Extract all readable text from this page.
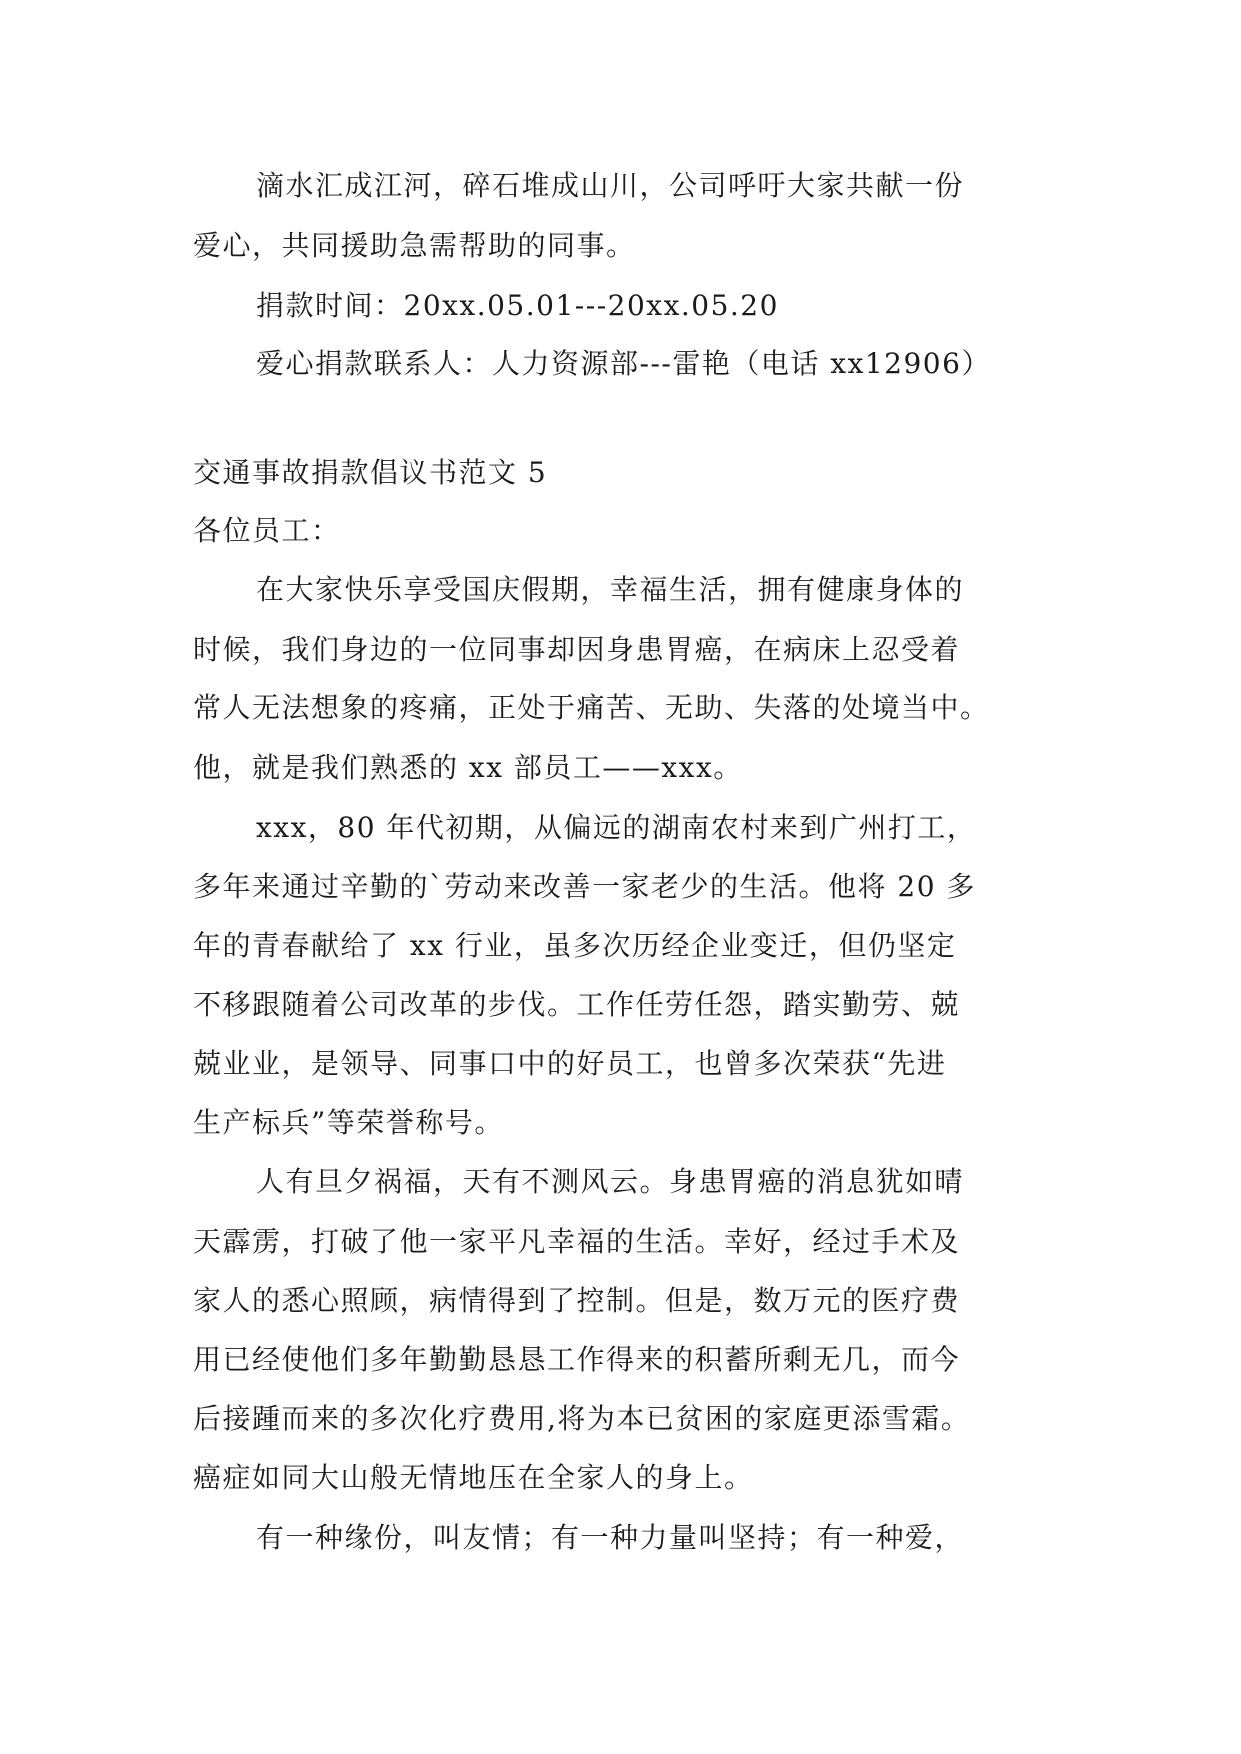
滴水汇成江河，碎石堆成山川，公司呼吁大家共献一份
爱心，共同援助急需帮助的同事。
捐款时间：20xx.05.01---20xx.05.20
爱心捐款联系人：人力资源部---雷艳（电话 xx12906）
交通事故捐款倡议书范文 5
各位员工：
在大家快乐享受国庆假期，幸福生活，拥有健康身体的
时候，我们身边的一位同事却因身患胃癌，在病床上忍受着
常人无法想象的疼痛，正处于痛苦、无助、失落的处境当中。
他，就是我们熟悉的 xx 部员工——xxx。
xxx，80 年代初期，从偏远的湖南农村来到广州打工，
多年来通过辛勤的`劳动来改善一家老少的生活。他将 20 多
年的青春献给了 xx 行业，虽多次历经企业变迁，但仍坚定
不移跟随着公司改革的步伐。工作任劳任怨，踏实勤劳、兢
兢业业，是领导、同事口中的好员工，也曾多次荣获“先进
生产标兵”等荣誉称号。
人有旦夕祸福，天有不测风云。身患胃癌的消息犹如晴
天霹雳，打破了他一家平凡幸福的生活。幸好，经过手术及
家人的悉心照顾，病情得到了控制。但是，数万元的医疗费
用已经使他们多年勤勤恳恳工作得来的积蓄所剩无几，而今
后接踵而来的多次化疗费用,将为本已贫困的家庭更添雪霜。
癌症如同大山般无情地压在全家人的身上。
有一种缘份，叫友情；有一种力量叫坚持；有一种爱，
